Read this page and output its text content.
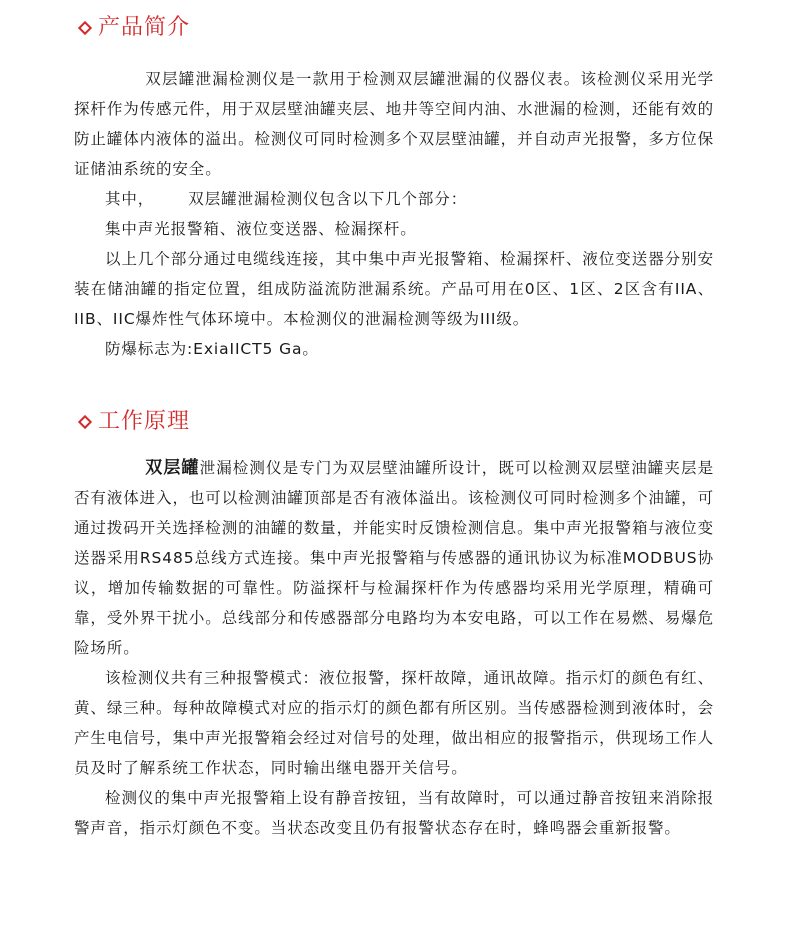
产品简介

双层罐泄漏检测仪是一款用于检测双层罐泄漏的仪器仪表。该检测仪采用光学探杆作为传感元件，用于双层壁油罐夹层、地井等空间内油、水泄漏的检测，还能有效的防止罐体内液体的溢出。检测仪可同时检测多个双层壁油罐，并自动声光报警，多方位保证储油系统的安全。

其中， 双层罐泄漏检测仪包含以下几个部分：

集中声光报警箱、液位变送器、检漏探杆。

以上几个部分通过电缆线连接，其中集中声光报警箱、检漏探杆、液位变送器分别安装在储油罐的指定位置，组成防溢流防泄漏系统。产品可用在0区、1区、2区含有IIA、IIB、IIC爆炸性气体环境中。本检测仪的泄漏检测等级为III级。

防爆标志为:ExiaIICT5 Ga。

工作原理

双层罐泄漏检测仪是专门为双层壁油罐所设计，既可以检测双层壁油罐夹层是否有液体进入，也可以检测油罐顶部是否有液体溢出。该检测仪可同时检测多个油罐，可通过拨码开关选择检测的油罐的数量，并能实时反馈检测信息。集中声光报警箱与液位变送器采用RS485总线方式连接。集中声光报警箱与传感器的通讯协议为标准MODBUS协议，增加传输数据的可靠性。防溢探杆与检漏探杆作为传感器均采用光学原理，精确可靠，受外界干扰小。总线部分和传感器部分电路均为本安电路，可以工作在易燃、易爆危险场所。

该检测仪共有三种报警模式：液位报警，探杆故障，通讯故障。指示灯的颜色有红、黄、绿三种。每种故障模式对应的指示灯的颜色都有所区别。当传感器检测到液体时，会产生电信号，集中声光报警箱会经过对信号的处理，做出相应的报警指示，供现场工作人员及时了解系统工作状态，同时输出继电器开关信号。

检测仪的集中声光报警箱上设有静音按钮，当有故障时，可以通过静音按钮来消除报警声音，指示灯颜色不变。当状态改变且仍有报警状态存在时，蜂鸣器会重新报警。
